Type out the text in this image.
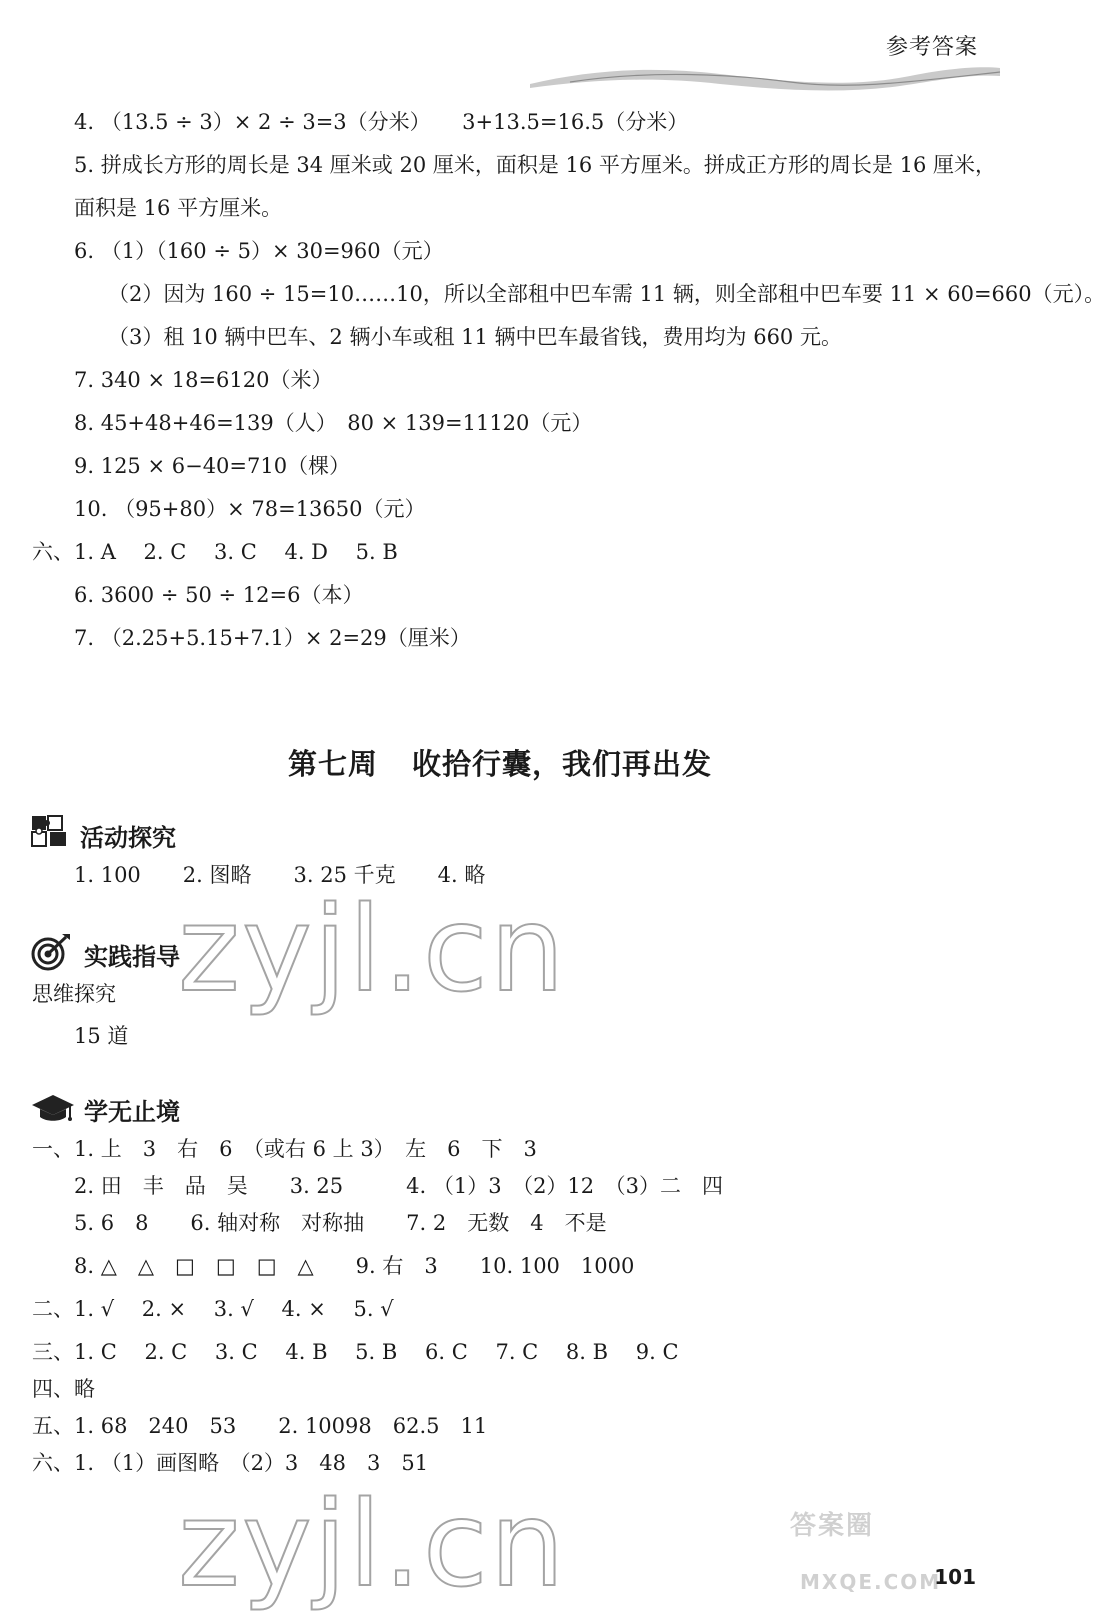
参考答案
4. （13.5 ÷ 3）× 2 ÷ 3=3（分米）　　3+13.5=16.5（分米）
5. 拼成长方形的周长是 34 厘米或 20 厘米，面积是 16 平方厘米。拼成正方形的周长是 16 厘米，
面积是 16 平方厘米。
6. （1）（160 ÷ 5）× 30=960（元）
（2）因为 160 ÷ 15=10……10，所以全部租中巴车需 11 辆，则全部租中巴车要 11 × 60=660（元）。
（3）租 10 辆中巴车、2 辆小车或租 11 辆中巴车最省钱，费用均为 660 元。
7. 340 × 18=6120（米）
8. 45+48+46=139（人）　80 × 139=11120（元）
9. 125 × 6−40=710（棵）
10. （95+80）× 78=13650（元）
六、1. A　 2. C　 3. C　 4. D　 5. B
6. 3600 ÷ 50 ÷ 12=6（本）
7. （2.25+5.15+7.1）× 2=29（厘米）
第七周 收拾行囊，我们再出发
活动探究
1. 100　　2. 图略　　3. 25 千克　　4. 略
实践指导
思维探究
15 道
学无止境
一、1. 上　3　右　6　（或右 6 上 3）　左　6　下　3
2. 田　丰　品　吴　　3. 25　　　4. （1）3　（2）12　（3）二　四
5. 6　8　　6. 轴对称　对称抽　　7. 2　无数　4　不是
8. △　△　□　□　□　△　　9. 右　3　　10. 100　1000
二、1. √　 2. ×　 3. √　 4. ×　 5. √
三、1. C　 2. C　 3. C　 4. B　 5. B　 6. C　 7. C　 8. B　 9. C
四、略
五、1. 68　240　53　　2. 10098　62.5　11
六、1. （1）画图略　（2）3　48　3　51
zyjl.cn
zyjl.cn	答案圈
MXQE.COM
101
